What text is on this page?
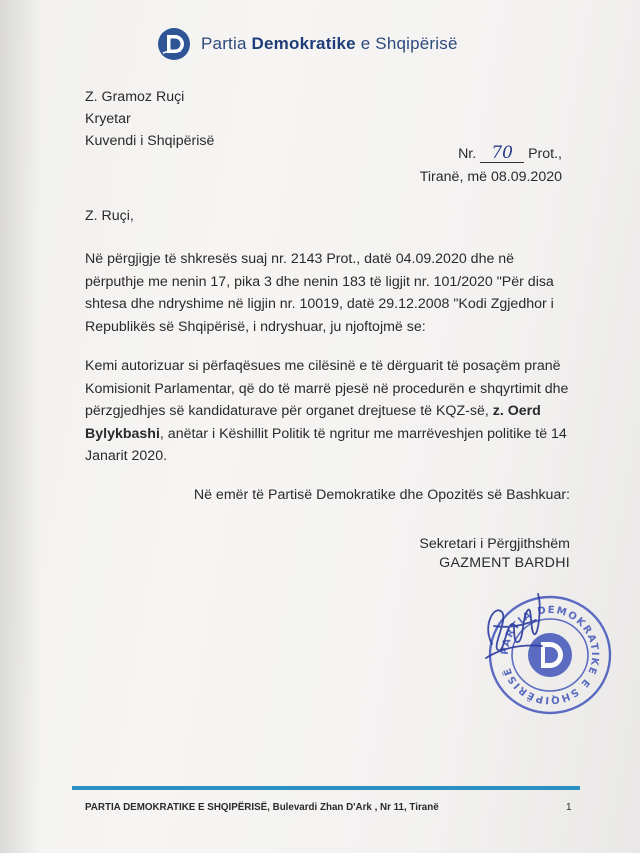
Partia Demokratike e Shqipërisë
Z. Gramoz Ruçi
Kryetar
Kuvendi i Shqipërisë
Nr. 70 Prot.,
Tiranë, më 08.09.2020
Z. Ruçi,
Në përgjigje të shkresës suaj nr. 2143 Prot., datë 04.09.2020 dhe në përputhje me nenin 17, pika 3 dhe nenin 183 të ligjit nr. 101/2020 "Për disa shtesa dhe ndryshime në ligjin nr. 10019, datë 29.12.2008 "Kodi Zgjedhor i Republikës së Shqipërisë, i ndryshuar, ju njoftojmë se:
Kemi autorizuar si përfaqësues me cilësinë e të dërguarit të posaçëm pranë Komisionit Parlamentar, që do të marrë pjesë në procedurën e shqyrtimit dhe përzgjedhjes së kandidaturave për organet drejtuese të KQZ-së, z. Oerd Bylykbashi, anëtar i Këshillit Politik të ngritur me marrëveshjen politike të 14 Janarit 2020.
Në emër të Partisë Demokratike dhe Opozitës së Bashkuar:
Sekretari i Përgjithshëm
GAZMENT BARDHI
PARTIA DEMOKRATIKE E SHQIPËRISË
PARTIA DEMOKRATIKE E SHQIPËRISË, Bulevardi Zhan D'Ark , Nr 11, Tiranë	1
